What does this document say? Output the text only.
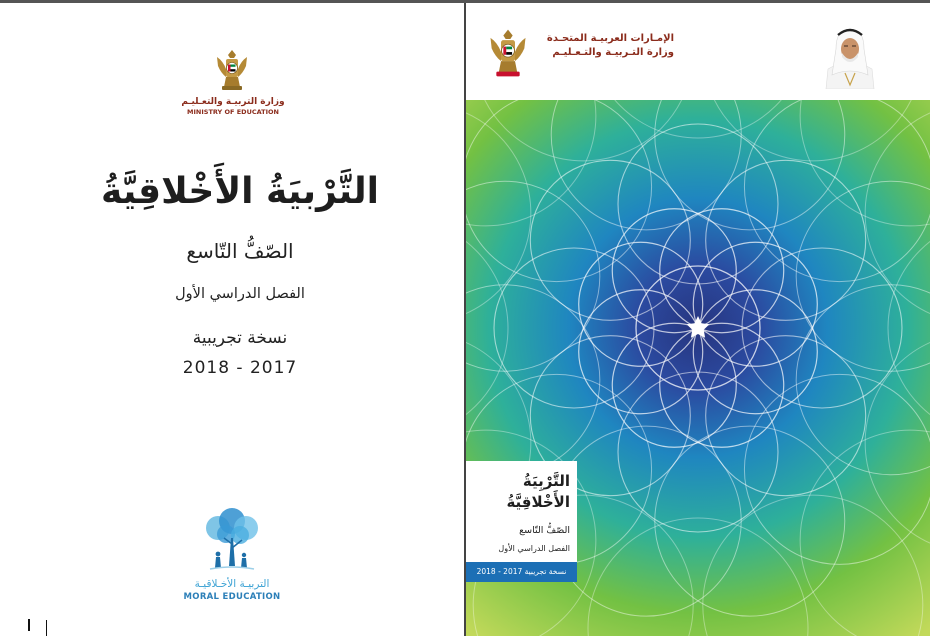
وزارة التربيـة والتعـليـم
MINISTRY OF EDUCATION
التَّرْبيَةُ الأَخْلاقِيَّةُ
الصّفُّ التّاسع
الفصل الدراسي الأول
نسخة تجريبية
2018 - 2017
التربيـة الأخـلاقيـة
MORAL EDUCATION
الإمـارات العربيـة المتحـدة
وزارة التـربيـة والتـعـليـم
التَّرْبِيَةُ
الأَخْلاقِيَّةُ
الصّفُّ التّاسع
الفصل الدراسي الأول
نسخة تجريبية 2017 - 2018
